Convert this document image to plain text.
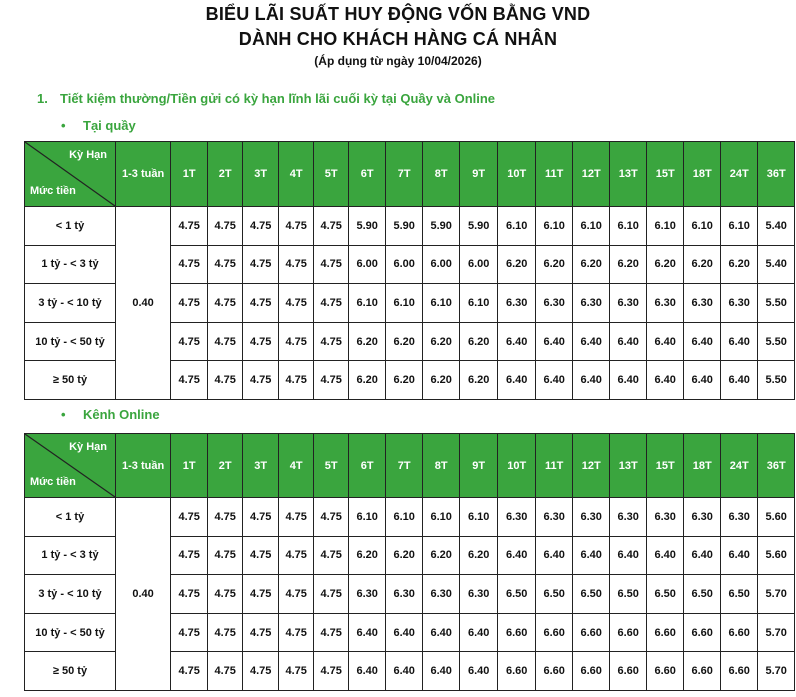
BIỂU LÃI SUẤT HUY ĐỘNG VỐN BẰNG VND
DÀNH CHO KHÁCH HÀNG CÁ NHÂN
(Áp dụng từ ngày 10/04/2026)
1. Tiết kiệm thường/Tiền gửi có kỳ hạn lĩnh lãi cuối kỳ tại Quầy và Online
• Tại quầy
Kỳ Hạn
Mức tiền	1-3 tuần	1T	2T	3T	4T	5T	6T	7T	8T	9T	10T	11T	12T	13T	15T	18T	24T	36T
< 1 tỷ	0.40	4.75	4.75	4.75	4.75	4.75	5.90	5.90	5.90	5.90	6.10	6.10	6.10	6.10	6.10	6.10	6.10	5.40
1 tỷ - < 3 tỷ		4.75	4.75	4.75	4.75	4.75	6.00	6.00	6.00	6.00	6.20	6.20	6.20	6.20	6.20	6.20	6.20	5.40
3 tỷ - < 10 tỷ		4.75	4.75	4.75	4.75	4.75	6.10	6.10	6.10	6.10	6.30	6.30	6.30	6.30	6.30	6.30	6.30	5.50
10 tỷ - < 50 tỷ		4.75	4.75	4.75	4.75	4.75	6.20	6.20	6.20	6.20	6.40	6.40	6.40	6.40	6.40	6.40	6.40	5.50
≥ 50 tỷ		4.75	4.75	4.75	4.75	4.75	6.20	6.20	6.20	6.20	6.40	6.40	6.40	6.40	6.40	6.40	6.40	5.50
• Kênh Online
Kỳ Hạn
Mức tiền	1-3 tuần	1T	2T	3T	4T	5T	6T	7T	8T	9T	10T	11T	12T	13T	15T	18T	24T	36T
< 1 tỷ	0.40	4.75	4.75	4.75	4.75	4.75	6.10	6.10	6.10	6.10	6.30	6.30	6.30	6.30	6.30	6.30	6.30	5.60
1 tỷ - < 3 tỷ		4.75	4.75	4.75	4.75	4.75	6.20	6.20	6.20	6.20	6.40	6.40	6.40	6.40	6.40	6.40	6.40	5.60
3 tỷ - < 10 tỷ		4.75	4.75	4.75	4.75	4.75	6.30	6.30	6.30	6.30	6.50	6.50	6.50	6.50	6.50	6.50	6.50	5.70
10 tỷ - < 50 tỷ		4.75	4.75	4.75	4.75	4.75	6.40	6.40	6.40	6.40	6.60	6.60	6.60	6.60	6.60	6.60	6.60	5.70
≥ 50 tỷ		4.75	4.75	4.75	4.75	4.75	6.40	6.40	6.40	6.40	6.60	6.60	6.60	6.60	6.60	6.60	6.60	5.70
